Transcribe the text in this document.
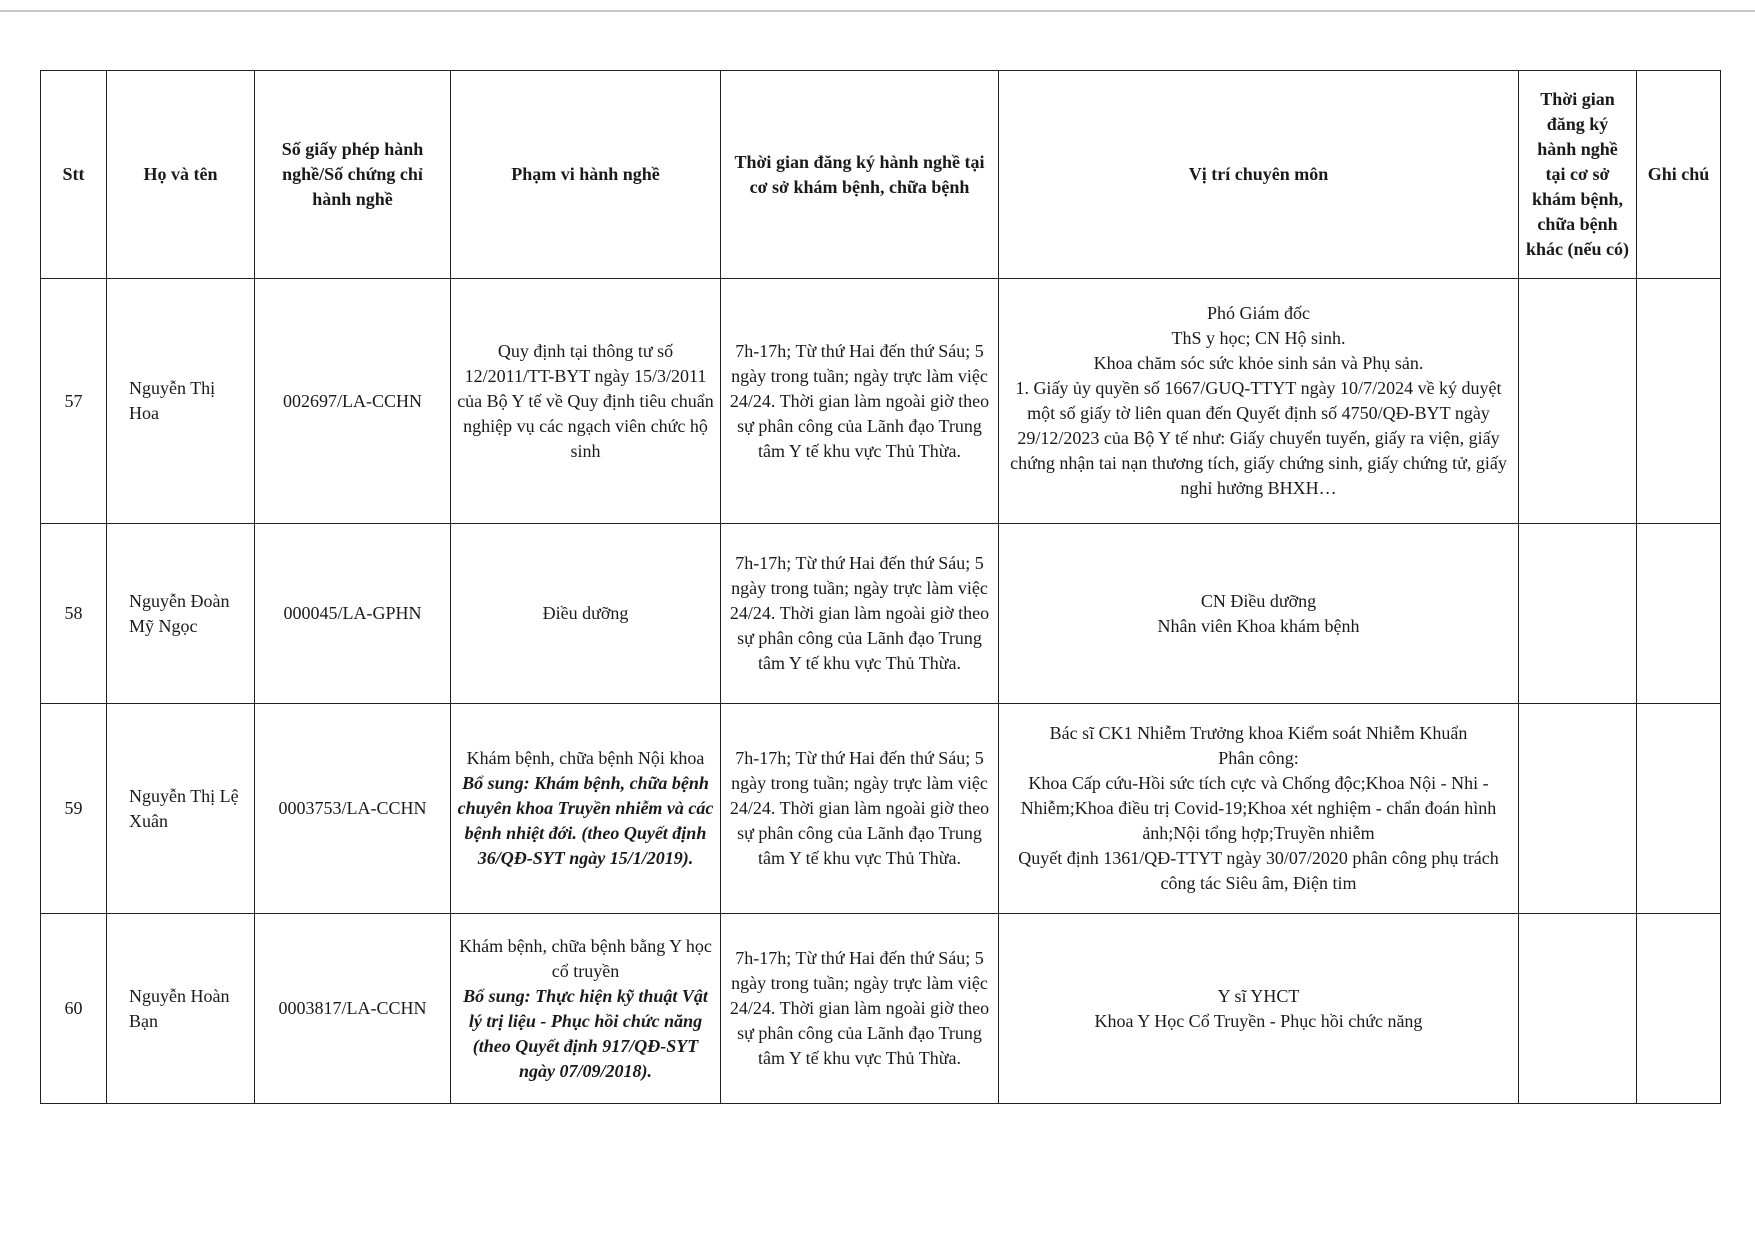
Stt	Họ và tên	Số giấy phép hành nghề/Số chứng chỉ hành nghề	Phạm vi hành nghề	Thời gian đăng ký hành nghề tại cơ sở khám bệnh, chữa bệnh	Vị trí chuyên môn	Thời gian đăng ký hành nghề tại cơ sở khám bệnh, chữa bệnh khác (nếu có)	Ghi chú
57	Nguyễn Thị Hoa	002697/LA-CCHN	Quy định tại thông tư số 12/2011/TT-BYT ngày 15/3/2011 của Bộ Y tế về Quy định tiêu chuẩn nghiệp vụ các ngạch viên chức hộ sinh	7h-17h; Từ thứ Hai đến thứ Sáu; 5 ngày trong tuần; ngày trực làm việc 24/24. Thời gian làm ngoài giờ theo sự phân công của Lãnh đạo Trung tâm Y tế khu vực Thủ Thừa.	Phó Giám đốc
ThS y học; CN Hộ sinh.
Khoa chăm sóc sức khỏe sinh sản và Phụ sản.
1. Giấy ủy quyền số 1667/GUQ-TTYT ngày 10/7/2024 về ký duyệt một số giấy tờ liên quan đến Quyết định số 4750/QĐ-BYT ngày 29/12/2023 của Bộ Y tế như: Giấy chuyển tuyến, giấy ra viện, giấy chứng nhận tai nạn thương tích, giấy chứng sinh, giấy chứng tử, giấy nghỉ hưởng BHXH…		

58	Nguyễn Đoàn Mỹ Ngọc	000045/LA-GPHN	Điều dưỡng	7h-17h; Từ thứ Hai đến thứ Sáu; 5 ngày trong tuần; ngày trực làm việc 24/24. Thời gian làm ngoài giờ theo sự phân công của Lãnh đạo Trung tâm Y tế khu vực Thủ Thừa.	CN Điều dưỡng
Nhân viên Khoa khám bệnh		

59	Nguyễn Thị Lệ Xuân	0003753/LA-CCHN	Khám bệnh, chữa bệnh Nội khoa
Bổ sung: Khám bệnh, chữa bệnh chuyên khoa Truyền nhiễm và các bệnh nhiệt đới. (theo Quyết định 36/QĐ-SYT ngày 15/1/2019).	7h-17h; Từ thứ Hai đến thứ Sáu; 5 ngày trong tuần; ngày trực làm việc 24/24. Thời gian làm ngoài giờ theo sự phân công của Lãnh đạo Trung tâm Y tế khu vực Thủ Thừa.	Bác sĩ CK1 Nhiễm Trưởng khoa Kiểm soát Nhiễm Khuẩn
Phân công:
Khoa Cấp cứu-Hồi sức tích cực và Chống độc;Khoa Nội - Nhi - Nhiễm;Khoa điều trị Covid-19;Khoa xét nghiệm - chẩn đoán hình ảnh;Nội tổng hợp;Truyền nhiễm
Quyết định 1361/QĐ-TTYT ngày 30/07/2020 phân công phụ trách công tác Siêu âm, Điện tim		

60	Nguyễn Hoàn Bạn	0003817/LA-CCHN	Khám bệnh, chữa bệnh bằng Y học cổ truyền
Bổ sung: Thực hiện kỹ thuật Vật lý trị liệu - Phục hồi chức năng (theo Quyết định 917/QĐ-SYT ngày 07/09/2018).	7h-17h; Từ thứ Hai đến thứ Sáu; 5 ngày trong tuần; ngày trực làm việc 24/24. Thời gian làm ngoài giờ theo sự phân công của Lãnh đạo Trung tâm Y tế khu vực Thủ Thừa.	Y sĩ YHCT
Khoa Y Học Cổ Truyền - Phục hồi chức năng		
